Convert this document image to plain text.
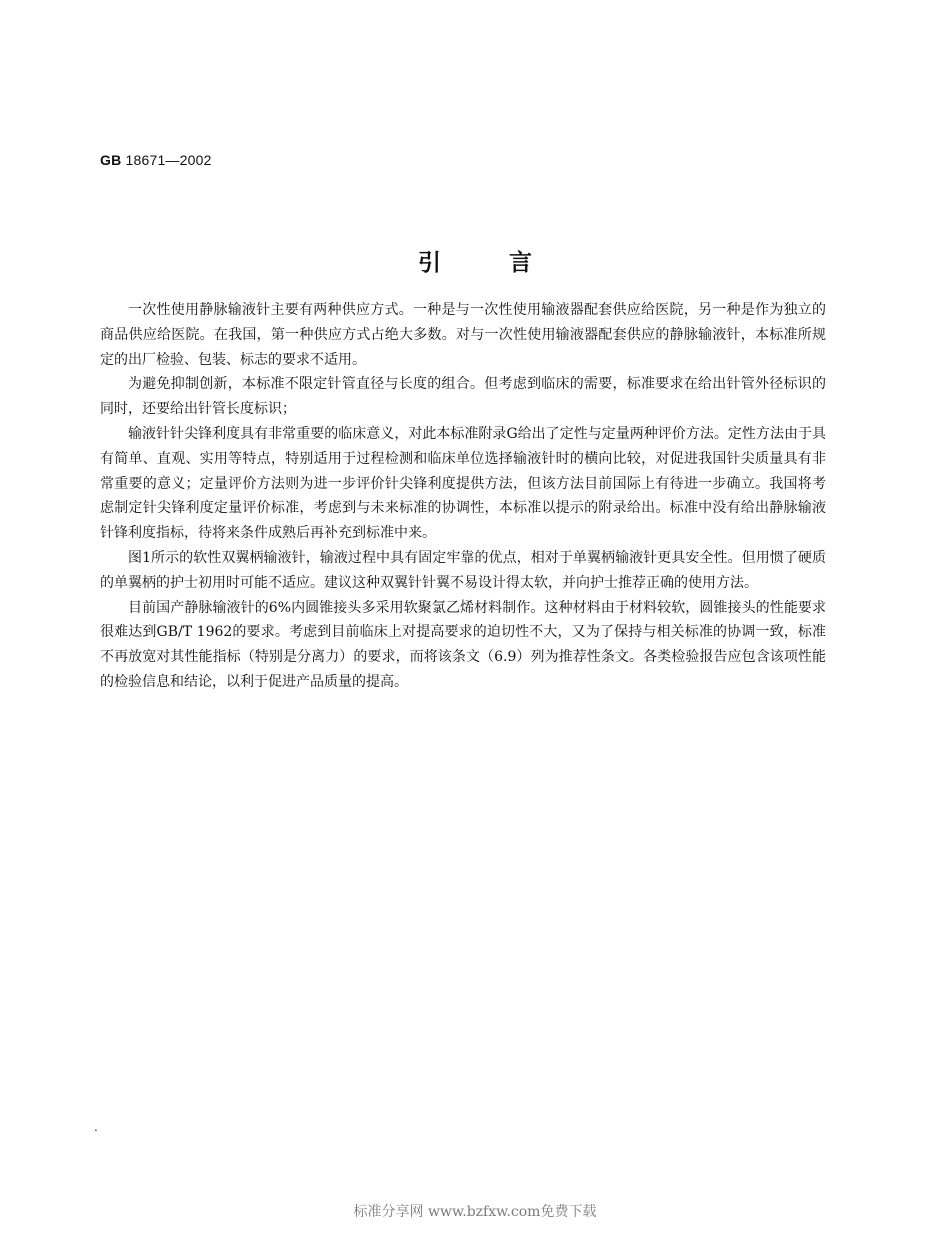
GB 18671—2002
引言

一次性使用静脉输液针主要有两种供应方式。一种是与一次性使用输液器配套供应给医院，另一种是作为独立的商品供应给医院。在我国，第一种供应方式占绝大多数。对与一次性使用输液器配套供应的静脉输液针，本标准所规定的出厂检验、包装、标志的要求不适用。

为避免抑制创新，本标准不限定针管直径与长度的组合。但考虑到临床的需要，标准要求在给出针管外径标识的同时，还要给出针管长度标识；

输液针针尖锋利度具有非常重要的临床意义，对此本标准附录G给出了定性与定量两种评价方法。定性方法由于具有简单、直观、实用等特点，特别适用于过程检测和临床单位选择输液针时的横向比较，对促进我国针尖质量具有非常重要的意义；定量评价方法则为进一步评价针尖锋利度提供方法，但该方法目前国际上有待进一步确立。我国将考虑制定针尖锋利度定量评价标准，考虑到与未来标准的协调性，本标准以提示的附录给出。标准中没有给出静脉输液针锋利度指标，待将来条件成熟后再补充到标准中来。

图1所示的软性双翼柄输液针，输液过程中具有固定牢靠的优点，相对于单翼柄输液针更具安全性。但用惯了硬质的单翼柄的护士初用时可能不适应。建议这种双翼针针翼不易设计得太软，并向护士推荐正确的使用方法。

目前国产静脉输液针的6%内圆锥接头多采用软聚氯乙烯材料制作。这种材料由于材料较软，圆锥接头的性能要求很难达到GB/T 1962的要求。考虑到目前临床上对提高要求的迫切性不大，又为了保持与相关标准的协调一致，标准不再放宽对其性能指标（特别是分离力）的要求，而将该条文（6.9）列为推荐性条文。各类检验报告应包含该项性能的检验信息和结论，以利于促进产品质量的提高。

.
标准分享网 www.bzfxw.com免费下载
